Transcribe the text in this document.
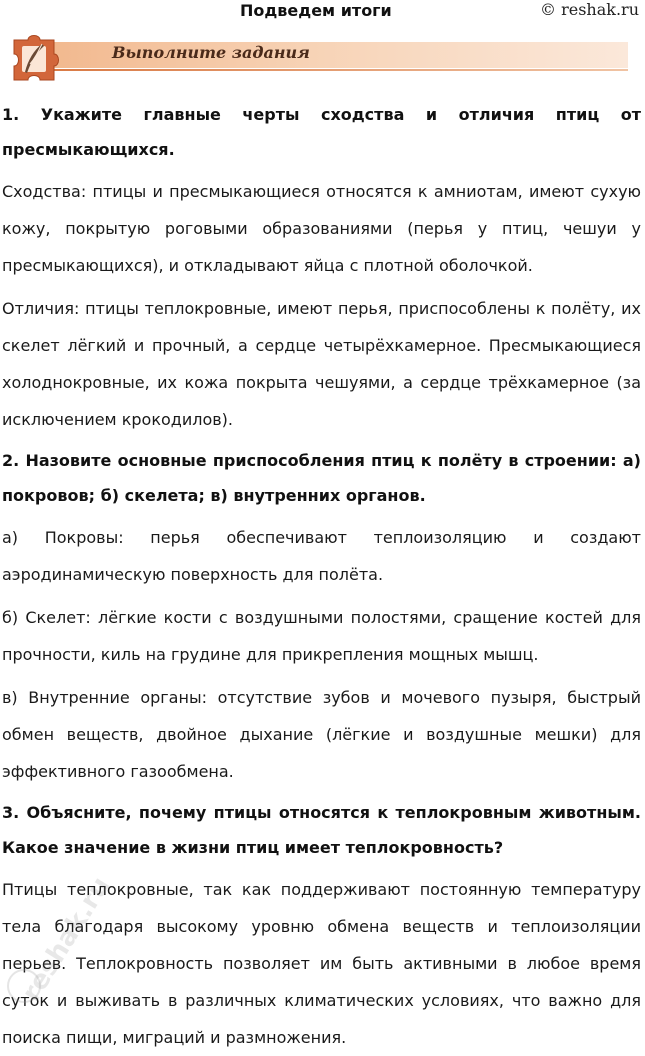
Подведем итоги	© reshak.ru
Выполните задания
1. Укажите главные черты сходства и отличия птиц от пресмыкающихся.
Сходства: птицы и пресмыкающиеся относятся к амниотам, имеют сухую кожу, покрытую роговыми образованиями (перья у птиц, чешуи у пресмыкающихся), и откладывают яйца с плотной оболочкой.
Отличия: птицы теплокровные, имеют перья, приспособлены к полёту, их скелет лёгкий и прочный, а сердце четырёхкамерное. Пресмыкающиеся холоднокровные, их кожа покрыта чешуями, а сердце трёхкамерное (за исключением крокодилов).
2. Назовите основные приспособления птиц к полёту в строении: а) покровов; б) скелета; в) внутренних органов.
а) Покровы: перья обеспечивают теплоизоляцию и создают аэродинамическую поверхность для полёта.
б) Скелет: лёгкие кости с воздушными полостями, сращение костей для прочности, киль на грудине для прикрепления мощных мышц.
в) Внутренние органы: отсутствие зубов и мочевого пузыря, быстрый обмен веществ, двойное дыхание (лёгкие и воздушные мешки) для эффективного газообмена.
3. Объясните, почему птицы относятся к теплокровным животным. Какое значение в жизни птиц имеет теплокровность?
Птицы теплокровные, так как поддерживают постоянную температуру тела благодаря высокому уровню обмена веществ и теплоизоляции перьев. Теплокровность позволяет им быть активными в любое время суток и выживать в различных климатических условиях, что важно для поиска пищи, миграций и размножения.
reshak.ru
